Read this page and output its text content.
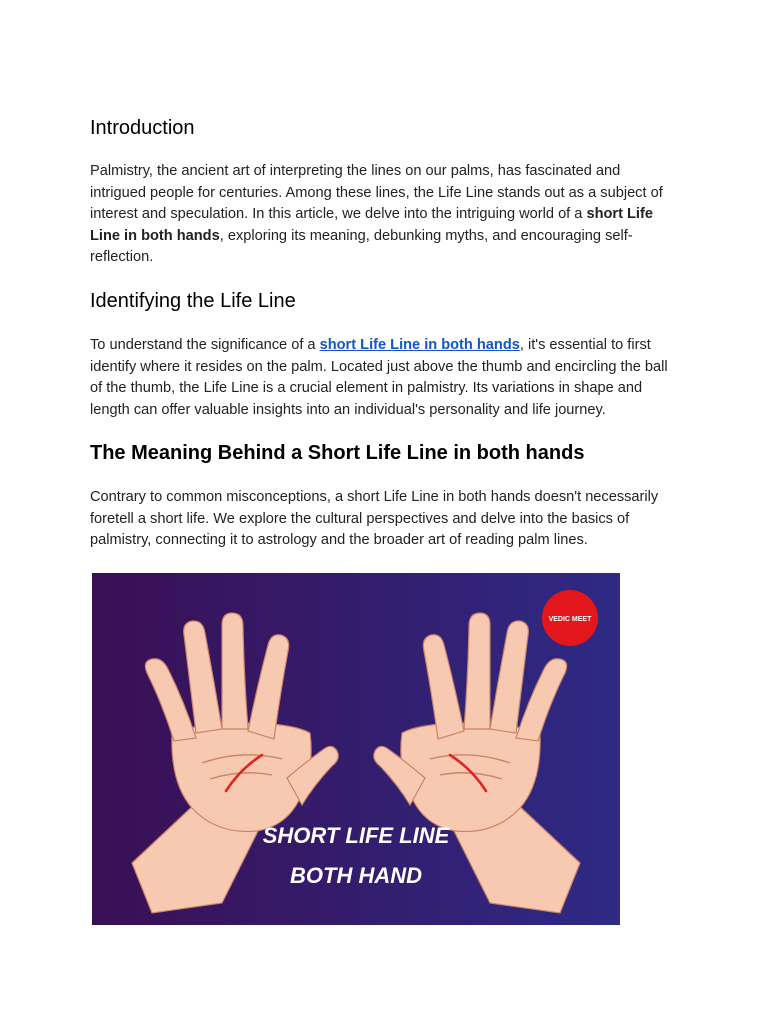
Introduction

Palmistry, the ancient art of interpreting the lines on our palms, has fascinated and intrigued people for centuries. Among these lines, the Life Line stands out as a subject of interest and speculation. In this article, we delve into the intriguing world of a short Life Line in both hands, exploring its meaning, debunking myths, and encouraging self-reflection.

Identifying the Life Line

To understand the significance of a short Life Line in both hands, it's essential to first identify where it resides on the palm. Located just above the thumb and encircling the ball of the thumb, the Life Line is a crucial element in palmistry. Its variations in shape and length can offer valuable insights into an individual's personality and life journey.

The Meaning Behind a Short Life Line in both hands

Contrary to common misconceptions, a short Life Line in both hands doesn't necessarily foretell a short life. We explore the cultural perspectives and delve into the basics of palmistry, connecting it to astrology and the broader art of reading palm lines.

VEDIC MEET
SHORT LIFE LINE
BOTH HAND
